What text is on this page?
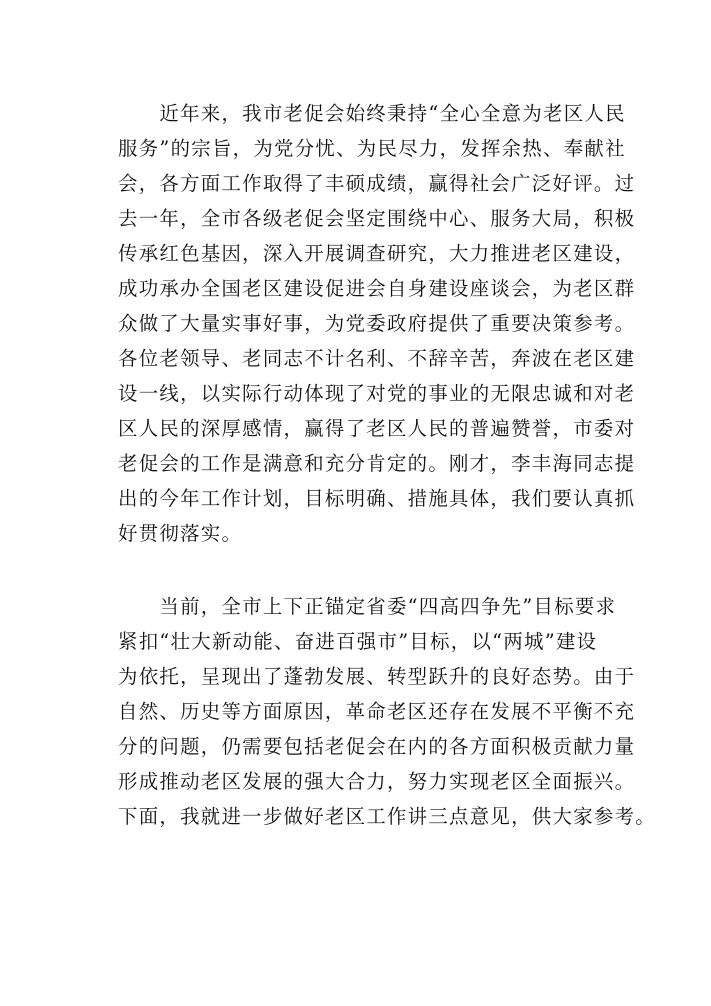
　　近年来，我市老促会始终秉持“全心全意为老区人民
服务”的宗旨，为党分忧、为民尽力，发挥余热、奉献社
会，各方面工作取得了丰硕成绩，赢得社会广泛好评。过
去一年，全市各级老促会坚定围绕中心、服务大局，积极
传承红色基因，深入开展调查研究，大力推进老区建设，
成功承办全国老区建设促进会自身建设座谈会，为老区群
众做了大量实事好事，为党委政府提供了重要决策参考。
各位老领导、老同志不计名利、不辞辛苦，奔波在老区建
设一线，以实际行动体现了对党的事业的无限忠诚和对老
区人民的深厚感情，赢得了老区人民的普遍赞誉，市委对
老促会的工作是满意和充分肯定的。刚才，李丰海同志提
出的今年工作计划，目标明确、措施具体，我们要认真抓
好贯彻落实。
　　当前，全市上下正锚定省委“四高四争先”目标要求
紧扣“壮大新动能、奋进百强市”目标，以“两城”建设
为依托，呈现出了蓬勃发展、转型跃升的良好态势。由于
自然、历史等方面原因，革命老区还存在发展不平衡不充
分的问题，仍需要包括老促会在内的各方面积极贡献力量
形成推动老区发展的强大合力，努力实现老区全面振兴。
下面，我就进一步做好老区工作讲三点意见，供大家参考。
